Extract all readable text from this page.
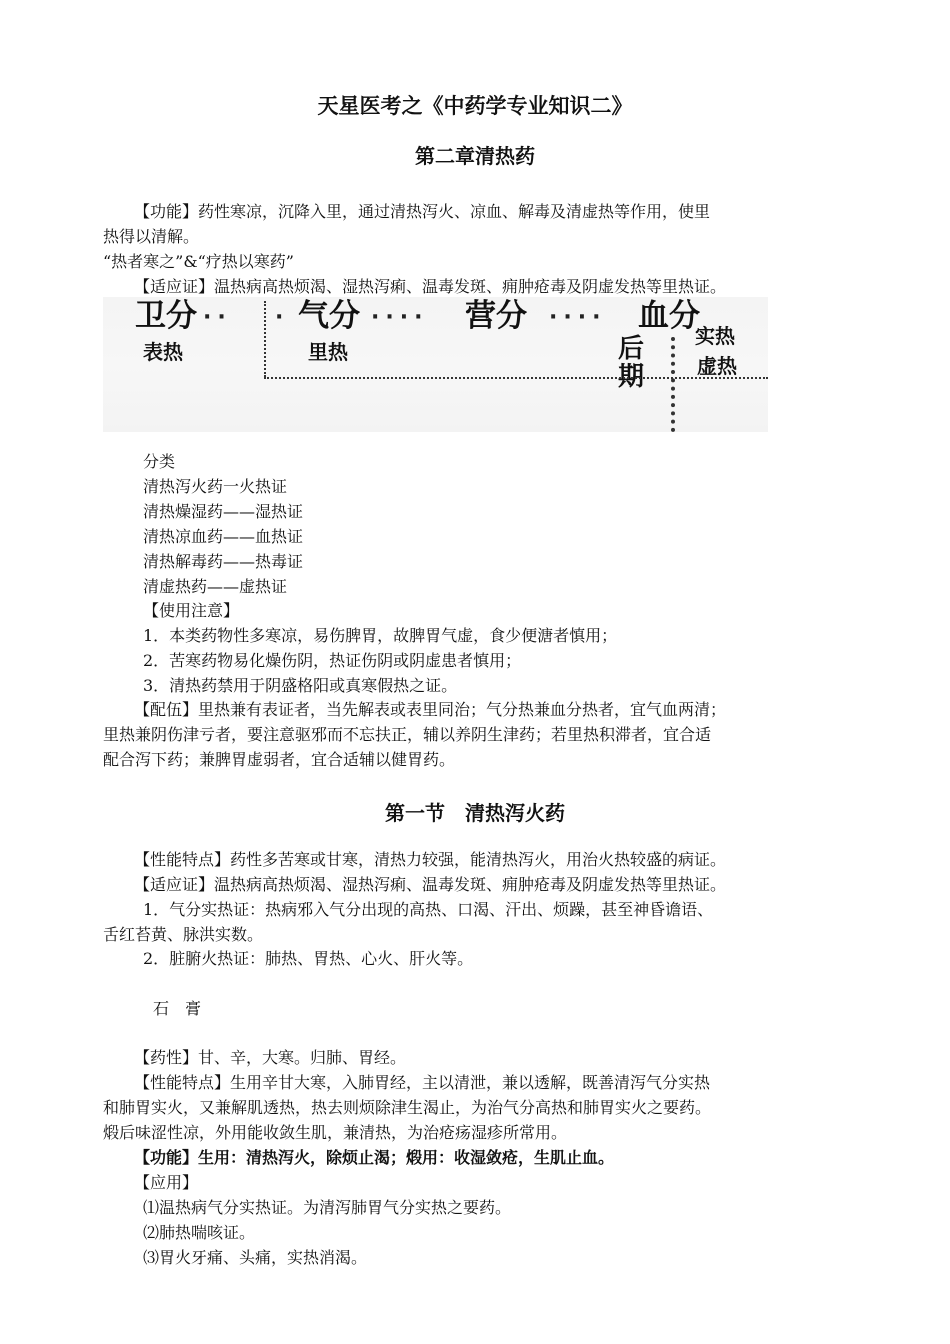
天星医考之《中药学专业知识二》
第二章清热药
【功能】药性寒凉，沉降入里，通过清热泻火、凉血、解毒及清虚热等作用，使里
热得以清解。
“热者寒之”&“疗热以寒药”
【适应证】温热病高热烦渴、湿热泻痢、温毒发斑、痈肿疮毒及阴虚发热等里热证。
卫分 ·· · 气分 ···· 营分 ···· 血分
表热	里热	后
期
实热
虚热
分类
清热泻火药一火热证
清热燥湿药——湿热证
清热凉血药——血热证
清热解毒药——热毒证
清虚热药——虚热证
【使用注意】
1．本类药物性多寒凉，易伤脾胃，故脾胃气虚，食少便溏者慎用；
2．苦寒药物易化燥伤阴，热证伤阴或阴虚患者慎用；
3．清热药禁用于阴盛格阳或真寒假热之证。
【配伍】里热兼有表证者，当先解表或表里同治；气分热兼血分热者，宜气血两清；
里热兼阴伤津亏者，要注意驱邪而不忘扶正，辅以养阴生津药；若里热积滞者，宜合适
配合泻下药；兼脾胃虚弱者，宜合适辅以健胃药。
第一节　清热泻火药
【性能特点】药性多苦寒或甘寒，清热力较强，能清热泻火，用治火热较盛的病证。
【适应证】温热病高热烦渴、湿热泻痢、温毒发斑、痈肿疮毒及阴虚发热等里热证。
1．气分实热证：热病邪入气分出现的高热、口渴、汗出、烦躁，甚至神昏谵语、
舌红苔黄、脉洪实数。
2．脏腑火热证：肺热、胃热、心火、肝火等。
石　膏
【药性】甘、辛，大寒。归肺、胃经。
【性能特点】生用辛甘大寒，入肺胃经，主以清泄，兼以透解，既善清泻气分实热
和肺胃实火，又兼解肌透热，热去则烦除津生渴止，为治气分高热和肺胃实火之要药。
煅后味涩性凉，外用能收敛生肌，兼清热，为治疮疡湿疹所常用。
【功能】生用：清热泻火，除烦止渴；煅用：收湿敛疮，生肌止血。
【应用】
⑴温热病气分实热证。为清泻肺胃气分实热之要药。
⑵肺热喘咳证。
⑶胃火牙痛、头痛，实热消渴。
